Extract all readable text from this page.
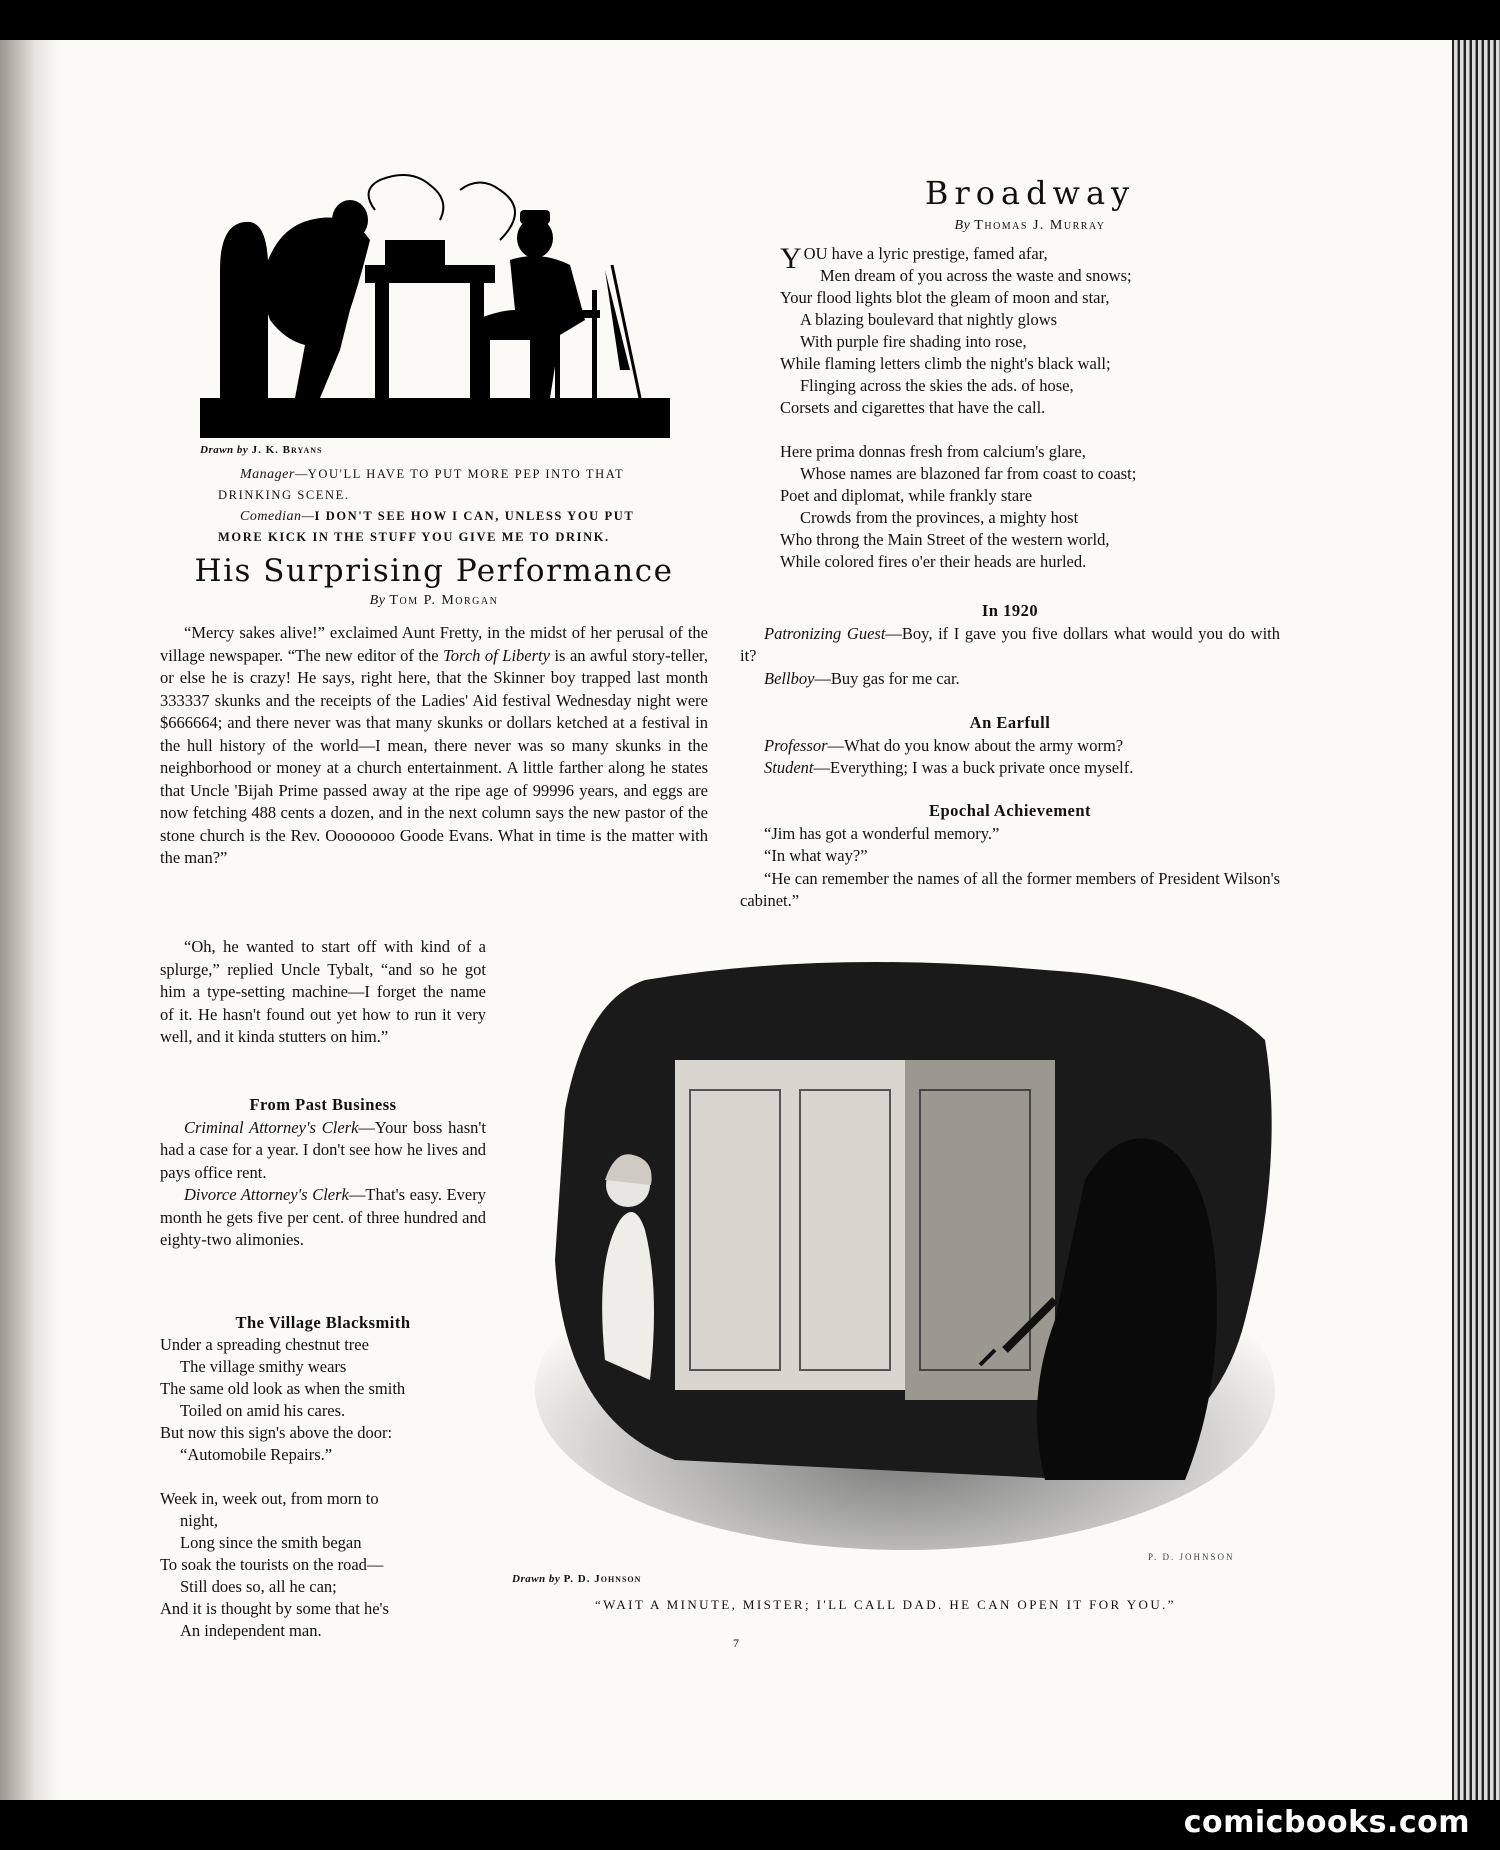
Drawn by J. K. Bryans
Manager—YOU'LL HAVE TO PUT MORE PEP INTO THAT DRINKING SCENE.
Comedian—I DON'T SEE HOW I CAN, UNLESS YOU PUT MORE KICK IN THE STUFF YOU GIVE ME TO DRINK.
His Surprising Performance
By Tom P. Morgan

“Mercy sakes alive!” exclaimed Aunt Fretty, in the midst of her perusal of the village newspaper. “The new editor of the Torch of Liberty is an awful story-teller, or else he is crazy! He says, right here, that the Skinner boy trapped last month 333337 skunks and the receipts of the Ladies' Aid festival Wednesday night were $666664; and there never was that many skunks or dollars ketched at a festival in the hull history of the world—I mean, there never was so many skunks in the neighborhood or money at a church entertainment. A little farther along he states that Uncle 'Bijah Prime passed away at the ripe age of 99996 years, and eggs are now fetching 488 cents a dozen, and in the next column says the new pastor of the stone church is the Rev. Oooooooo Goode Evans. What in time is the matter with the man?”

“Oh, he wanted to start off with kind of a splurge,” replied Uncle Tybalt, “and so he got him a type-setting machine—I forget the name of it. He hasn't found out yet how to run it very well, and it kinda stutters on him.”

From Past Business

Criminal Attorney's Clerk—Your boss hasn't had a case for a year. I don't see how he lives and pays office rent.

Divorce Attorney's Clerk—That's easy. Every month he gets five per cent. of three hundred and eighty-two alimonies.

The Village Blacksmith
Under a spreading chestnut tree
The village smithy wears
The same old look as when the smith
Toiled on amid his cares.
But now this sign's above the door:
“Automobile Repairs.”
Week in, week out, from morn to
night,
Long since the smith began
To soak the tourists on the road—
Still does so, all he can;
And it is thought by some that he's
An independent man.
Broadway
By Thomas J. Murray
Y OU have a lyric prestige, famed afar,
Men dream of you across the waste and snows;
Your flood lights blot the gleam of moon and star,
A blazing boulevard that nightly glows
With purple fire shading into rose,
While flaming letters climb the night's black wall;
Flinging across the skies the ads. of hose,
Corsets and cigarettes that have the call.
Here prima donnas fresh from calcium's glare,
Whose names are blazoned far from coast to coast;
Poet and diplomat, while frankly stare
Crowds from the provinces, a mighty host
Who throng the Main Street of the western world,
While colored fires o'er their heads are hurled.
In 1920

Patronizing Guest—Boy, if I gave you five dollars what would you do with it?

Bellboy—Buy gas for me car.

An Earfull

Professor—What do you know about the army worm?

Student—Everything; I was a buck private once myself.

Epochal Achievement

“Jim has got a wonderful memory.”

“In what way?”

“He can remember the names of all the former members of President Wilson's cabinet.”

Drawn by P. D. Johnson
P. D. JOHNSON
“WAIT A MINUTE, MISTER; I'LL CALL DAD. HE CAN OPEN IT FOR YOU.”
7
comicbooks.com
